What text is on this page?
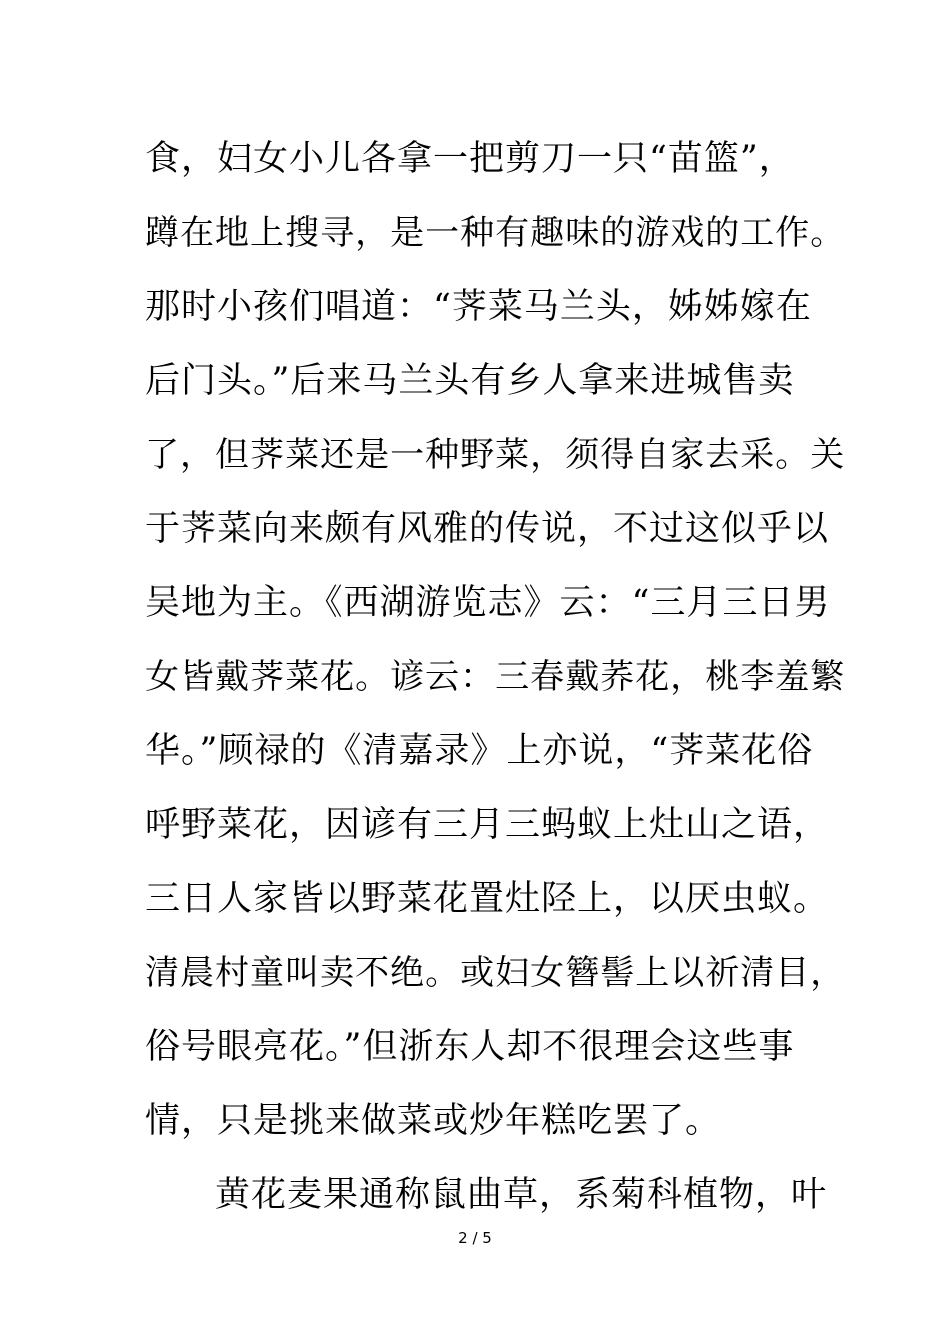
食，妇女小儿各拿一把剪刀一只“苗篮”，
蹲在地上搜寻，是一种有趣味的游戏的工作。
那时小孩们唱道：“荠菜马兰头，姊姊嫁在
后门头。”后来马兰头有乡人拿来进城售卖
了，但荠菜还是一种野菜，须得自家去采。关
于荠菜向来颇有风雅的传说，不过这似乎以
吴地为主。《西湖游览志》云：“三月三日男
女皆戴荠菜花。谚云：三春戴荞花，桃李羞繁
华。”顾禄的《清嘉录》上亦说，“荠菜花俗
呼野菜花，因谚有三月三蚂蚁上灶山之语，
三日人家皆以野菜花置灶陉上，以厌虫蚁。
清晨村童叫卖不绝。或妇女簪髻上以祈清目，
俗号眼亮花。”但浙东人却不很理会这些事
情，只是挑来做菜或炒年糕吃罢了。
黄花麦果通称鼠曲草，系菊科植物，叶
2 / 5
